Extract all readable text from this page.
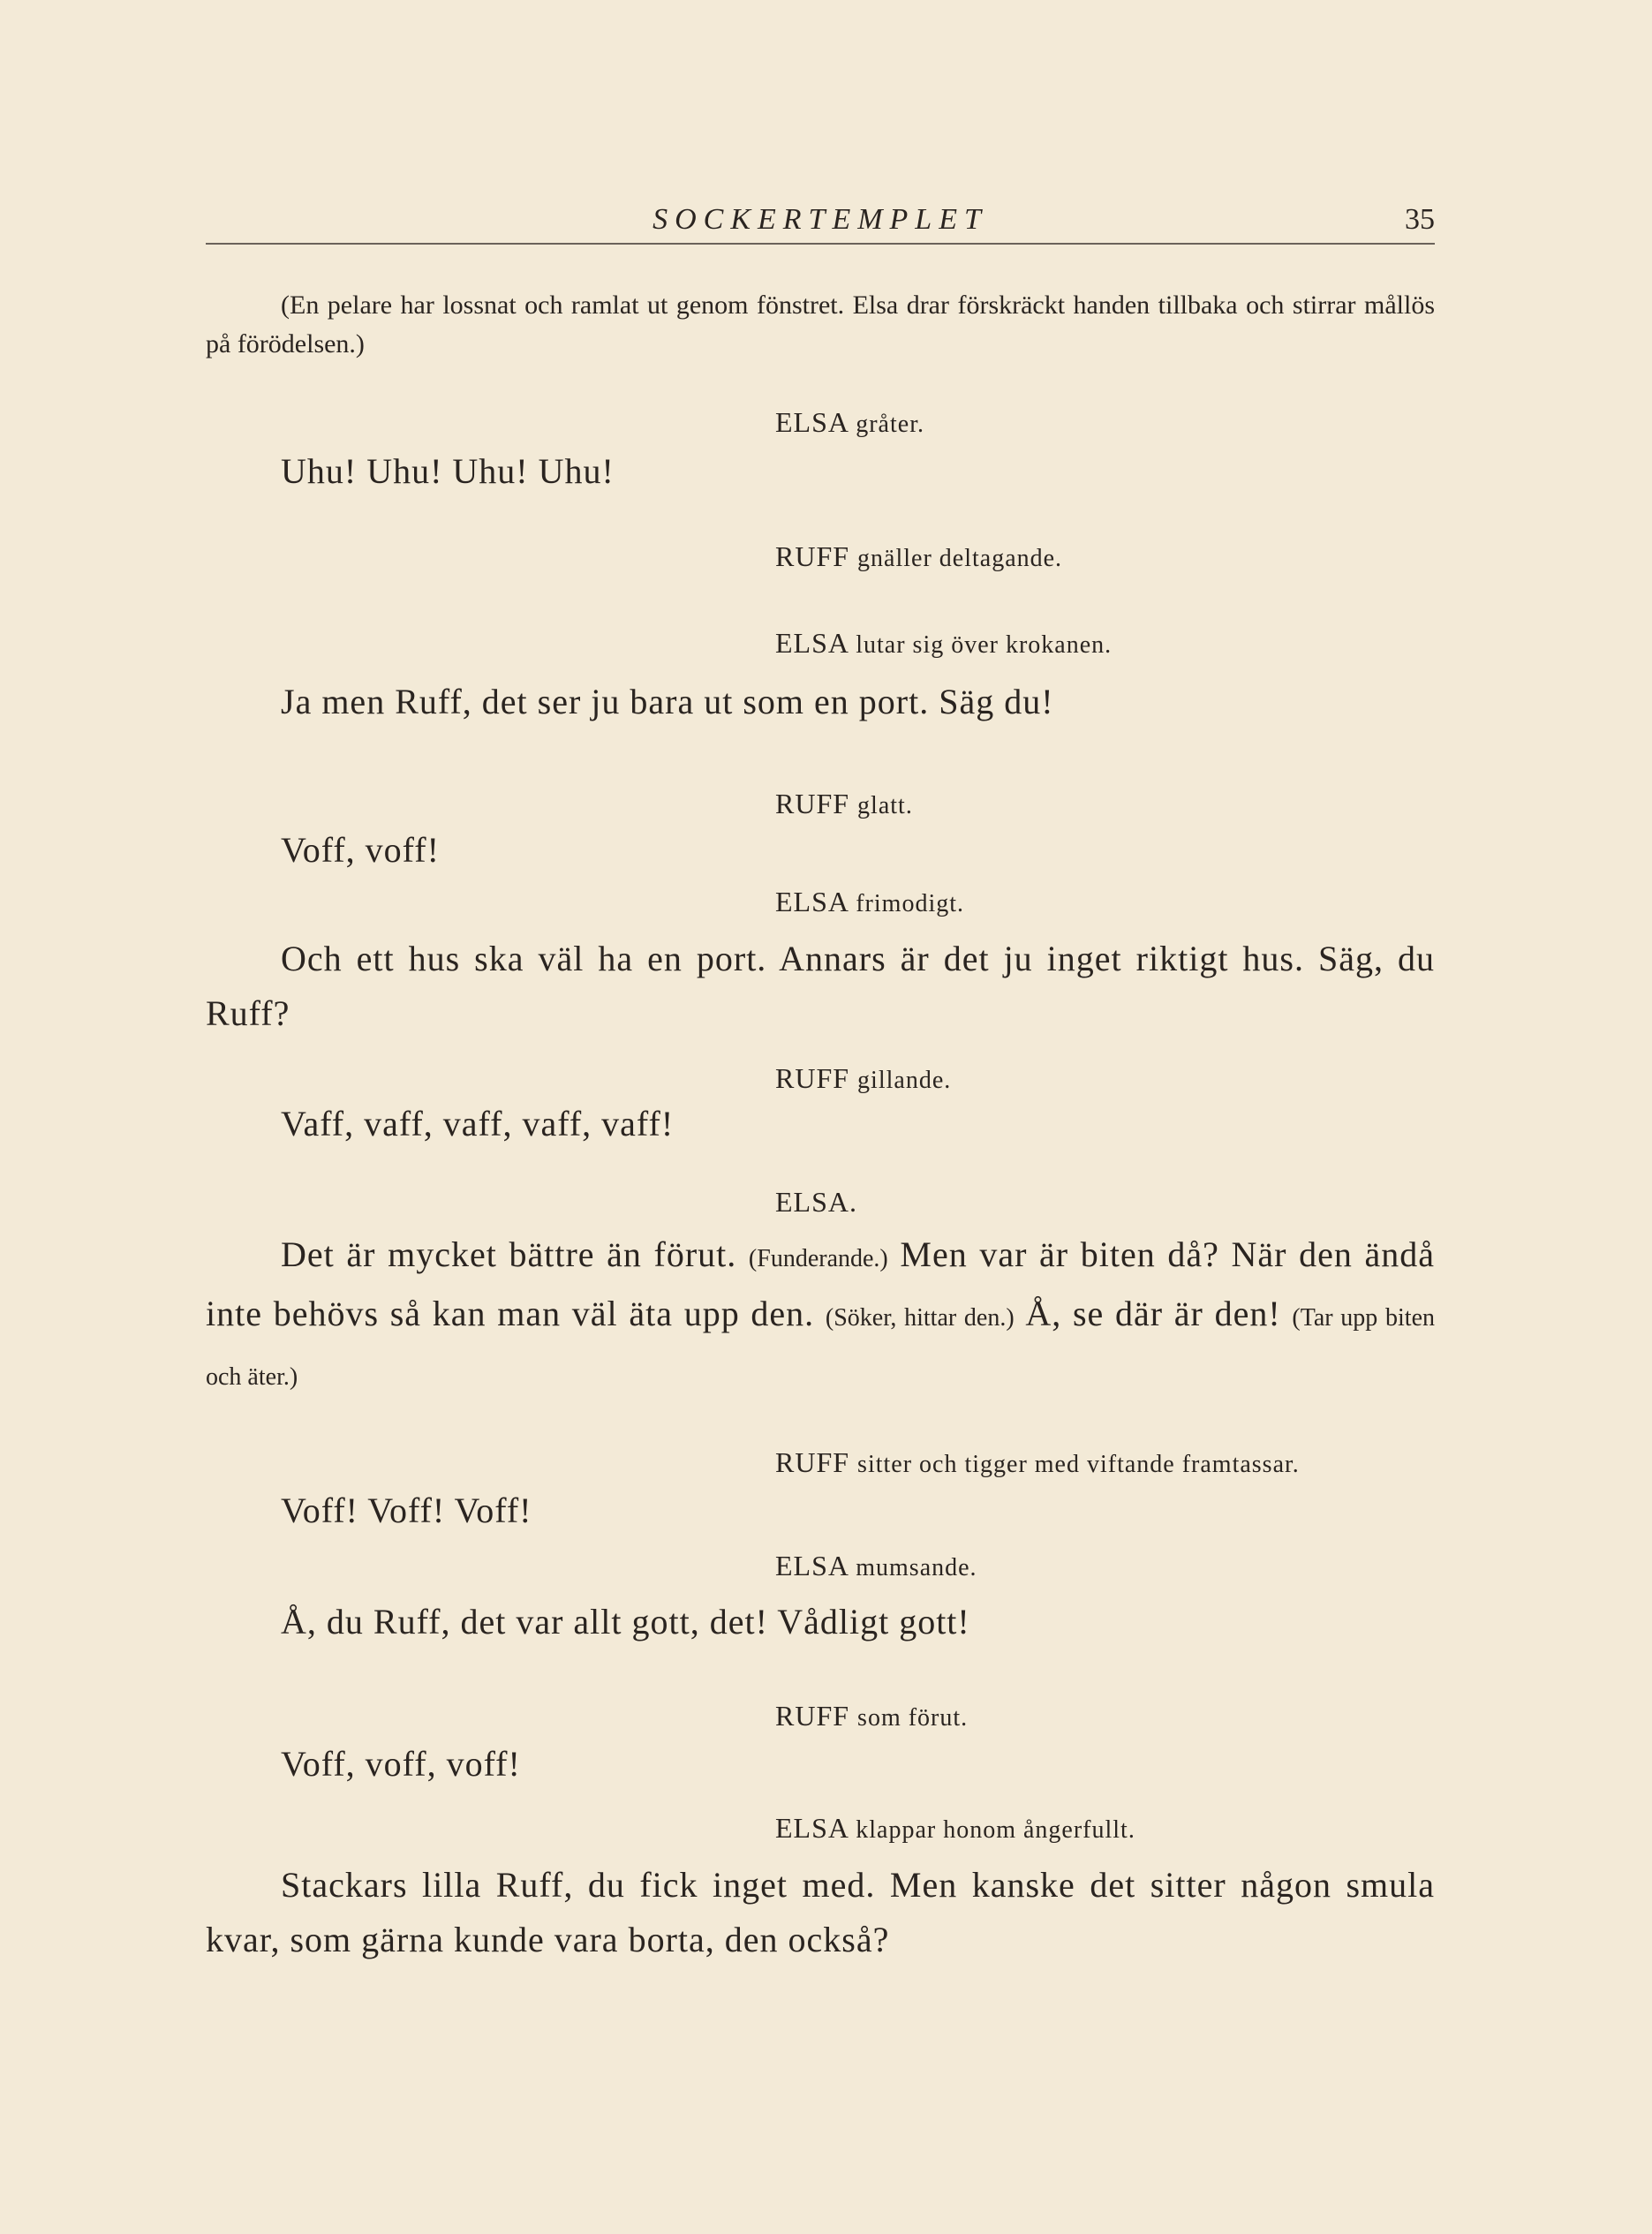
SOCKERTEMPLET	35
(En pelare har lossnat och ramlat ut genom fönstret. Elsa drar förskräckt handen tillbaka och stirrar mållös på förödelsen.)
ELSA gråter.
Uhu! Uhu! Uhu! Uhu!
RUFF gnäller deltagande.
ELSA lutar sig över krokanen.
Ja men Ruff, det ser ju bara ut som en port. Säg du!
RUFF glatt.
Voff, voff!
ELSA frimodigt.
Och ett hus ska väl ha en port. Annars är det ju inget riktigt hus. Säg, du Ruff?
RUFF gillande.
Vaff, vaff, vaff, vaff, vaff!
ELSA.
Det är mycket bättre än förut. (Funderande.) Men var är biten då? När den ändå inte behövs så kan man väl äta upp den. (Söker, hittar den.) Å, se där är den! (Tar upp biten och äter.)
RUFF sitter och tigger med viftande framtassar.
Voff! Voff! Voff!
ELSA mumsande.
Å, du Ruff, det var allt gott, det! Vådligt gott!
RUFF som förut.
Voff, voff, voff!
ELSA klappar honom ångerfullt.
Stackars lilla Ruff, du fick inget med. Men kanske det sitter någon smula kvar, som gärna kunde vara borta, den också?
